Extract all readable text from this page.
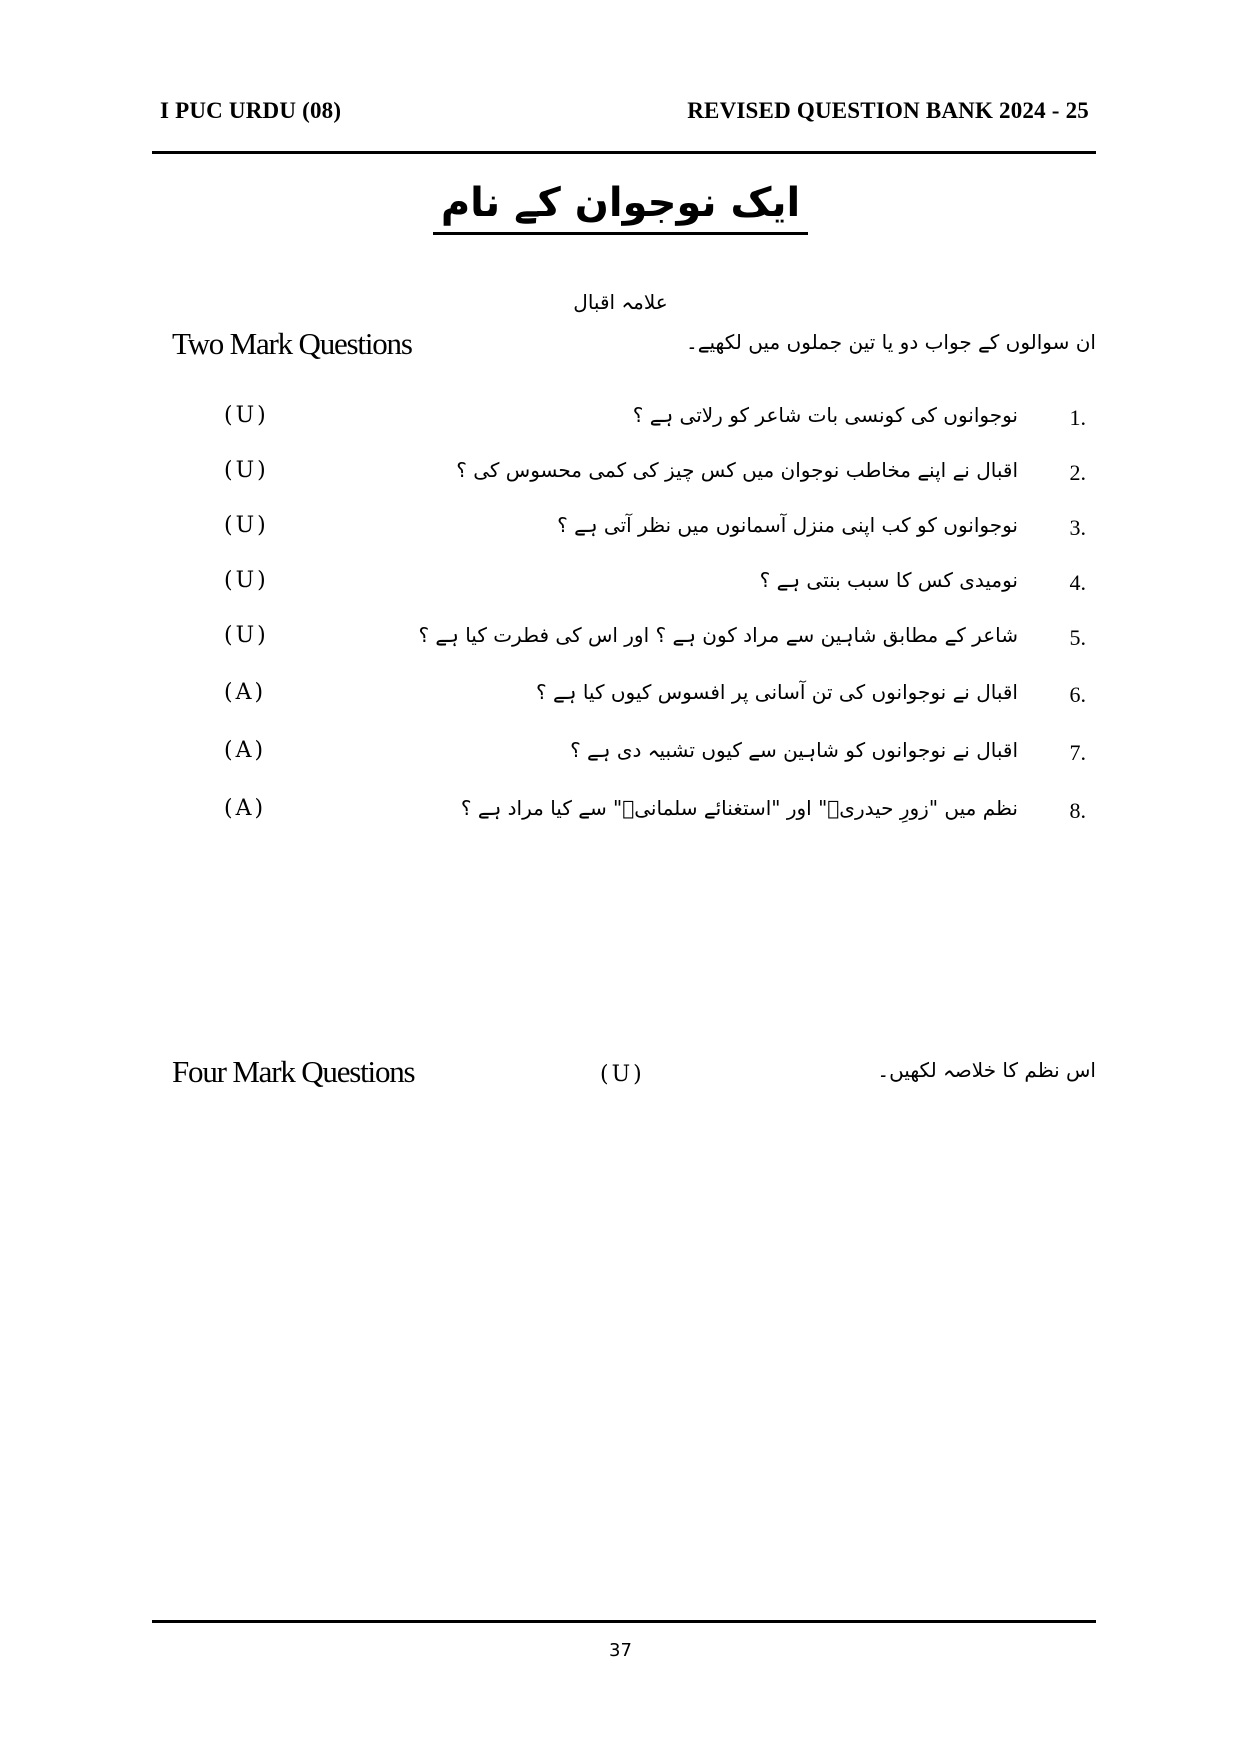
I PUC URDU (08)	REVISED QUESTION BANK 2024 - 25
ایک نوجوان کے نام
علامہ اقبال
Two Mark Questions	ان سوالوں کے جواب دو یا تین جملوں میں لکھیے۔
(U)	نوجوانوں کی کونسی بات شاعر کو رلاتی ہے ؟ 1.
(U)	اقبال نے اپنے مخاطب نوجوان میں کس چیز کی کمی محسوس کی ؟ 2.
(U)	نوجوانوں کو کب اپنی منزل آسمانوں میں نظر آتی ہے ؟ 3.
(U)	نومیدی کس کا سبب بنتی ہے ؟ 4.
(U)	شاعر کے مطابق شاہین سے مراد کون ہے ؟ اور اس کی فطرت کیا ہے ؟ 5.
(A)	اقبال نے نوجوانوں کی تن آسانی پر افسوس کیوں کیا ہے ؟ 6.
(A)	اقبال نے نوجوانوں کو شاہین سے کیوں تشبیہ دی ہے ؟ 7.
(A)	نظم میں "زورِ حیدریؓ" اور "استغنائے سلمانیؓ" سے کیا مراد ہے ؟ 8.
Four Mark Questions	(U)	اس نظم کا خلاصہ لکھیں۔
37
